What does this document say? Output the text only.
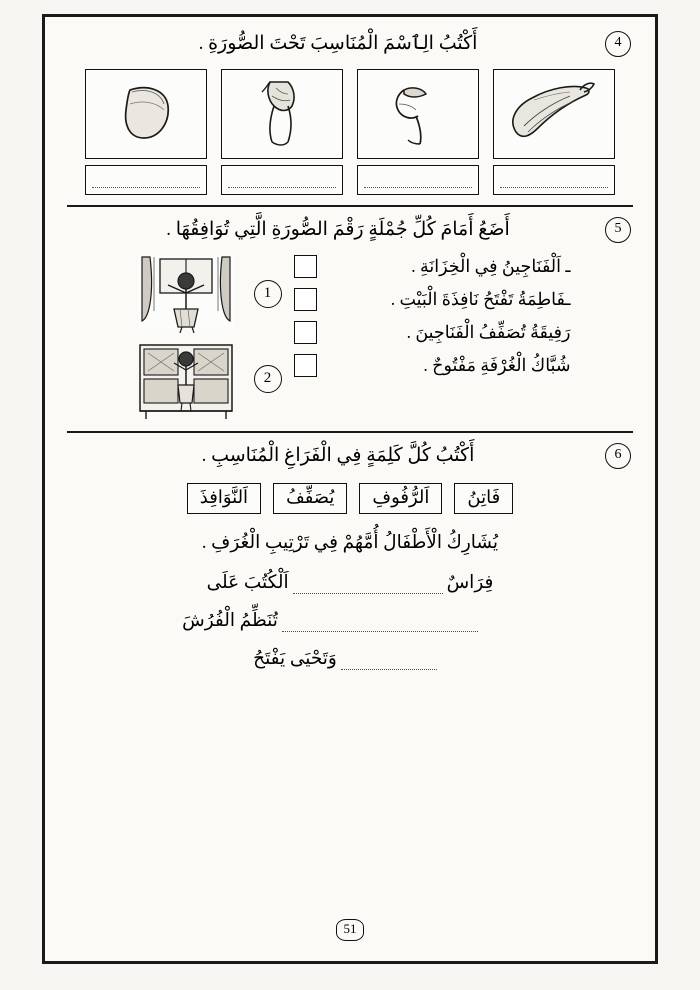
4
أَكْتُبُ الِٱسْمَ الْمُنَاسِبَ تَحْتَ الصُّورَةِ .
5
أَضَعُ أَمَامَ كُلِّ جُمْلَةٍ رَقْمَ الصُّورَةِ الَّتِي تُوَافِقُهَا .
ـ اَلْفَنَاجِينُ فِي الْخِزَانَةِ .
ـفَاطِمَةُ تَفْتَحُ نَافِذَةَ الْبَيْتِ .
رَفِيقَةُ تُصَفِّفُ الْفَنَاجِينَ .
شُبَّاكُ الْغُرْفَةِ مَفْتُوحٌ .
1
2
6
أَكْتُبُ كُلَّ كَلِمَةٍ فِي الْفَرَاغِ الْمُنَاسِبِ .
فَاتِنُ
اَلرُّفُوفِ
يُصَفِّفُ
اَلنَّوَافِذَ
يُشَارِكُ الْأَطْفَالُ أُمَّهُمْ فِي تَرْتِيبِ الْغُرَفِ .
فِرَاسٌ
اَلْكُتُبَ عَلَى
تُنَظِّمُ الْفُرُشَ
وَتَحْيَى يَفْتَحُ
51
